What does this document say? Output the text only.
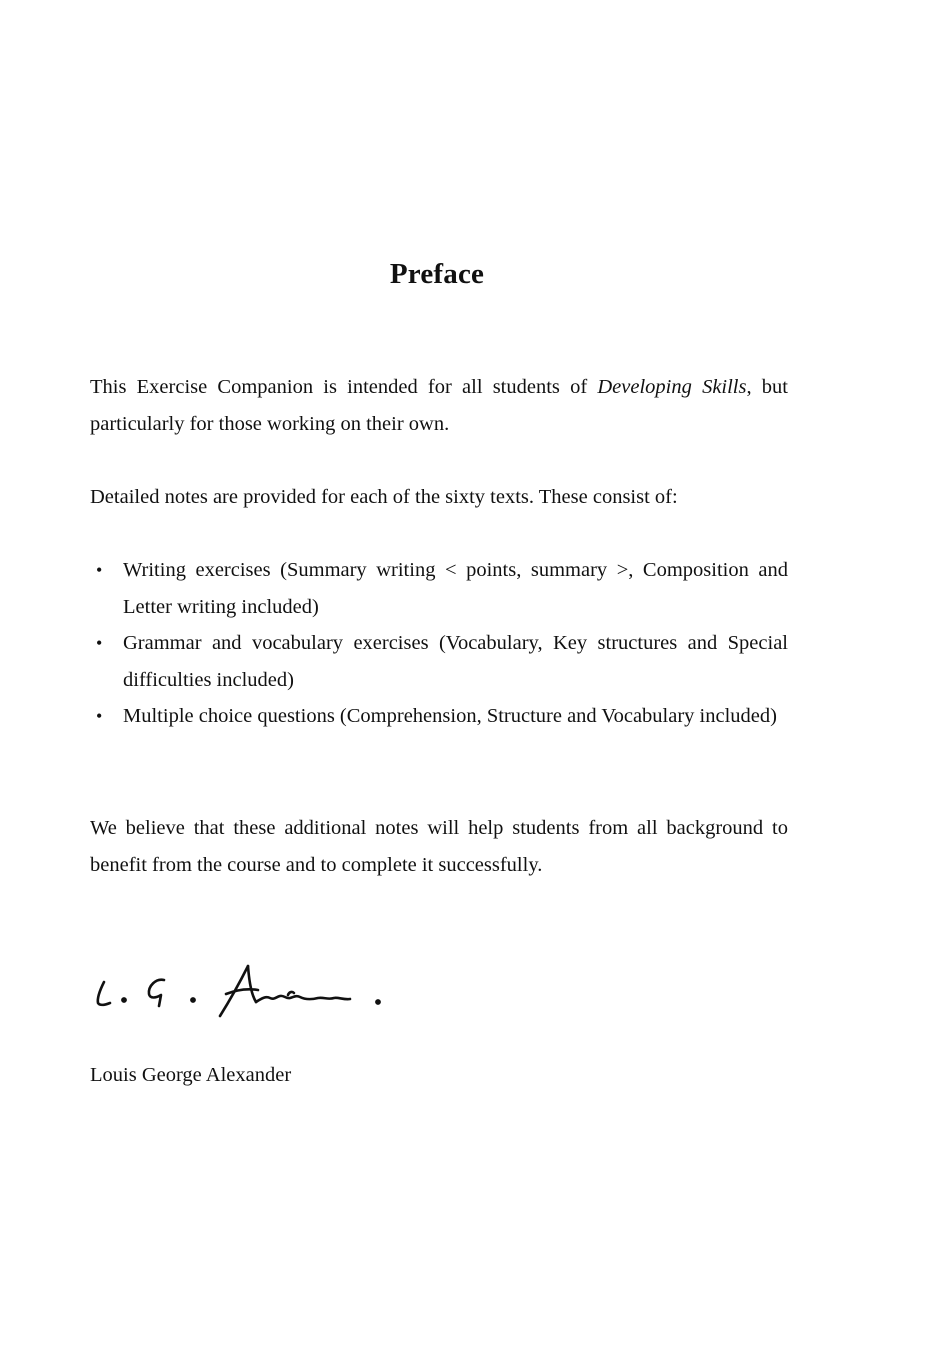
Preface

This Exercise Companion is intended for all students of Developing Skills, but particularly for those working on their own.

Detailed notes are provided for each of the sixty texts. These consist of:

• Writing exercises (Summary writing < points, summary >, Composition and Letter writing included)
• Grammar and vocabulary exercises (Vocabulary, Key structures and Special difficulties included)
• Multiple choice questions (Comprehension, Structure and Vocabulary included)

We believe that these additional notes will help students from all background to benefit from the course and to complete it successfully.

Louis George Alexander
